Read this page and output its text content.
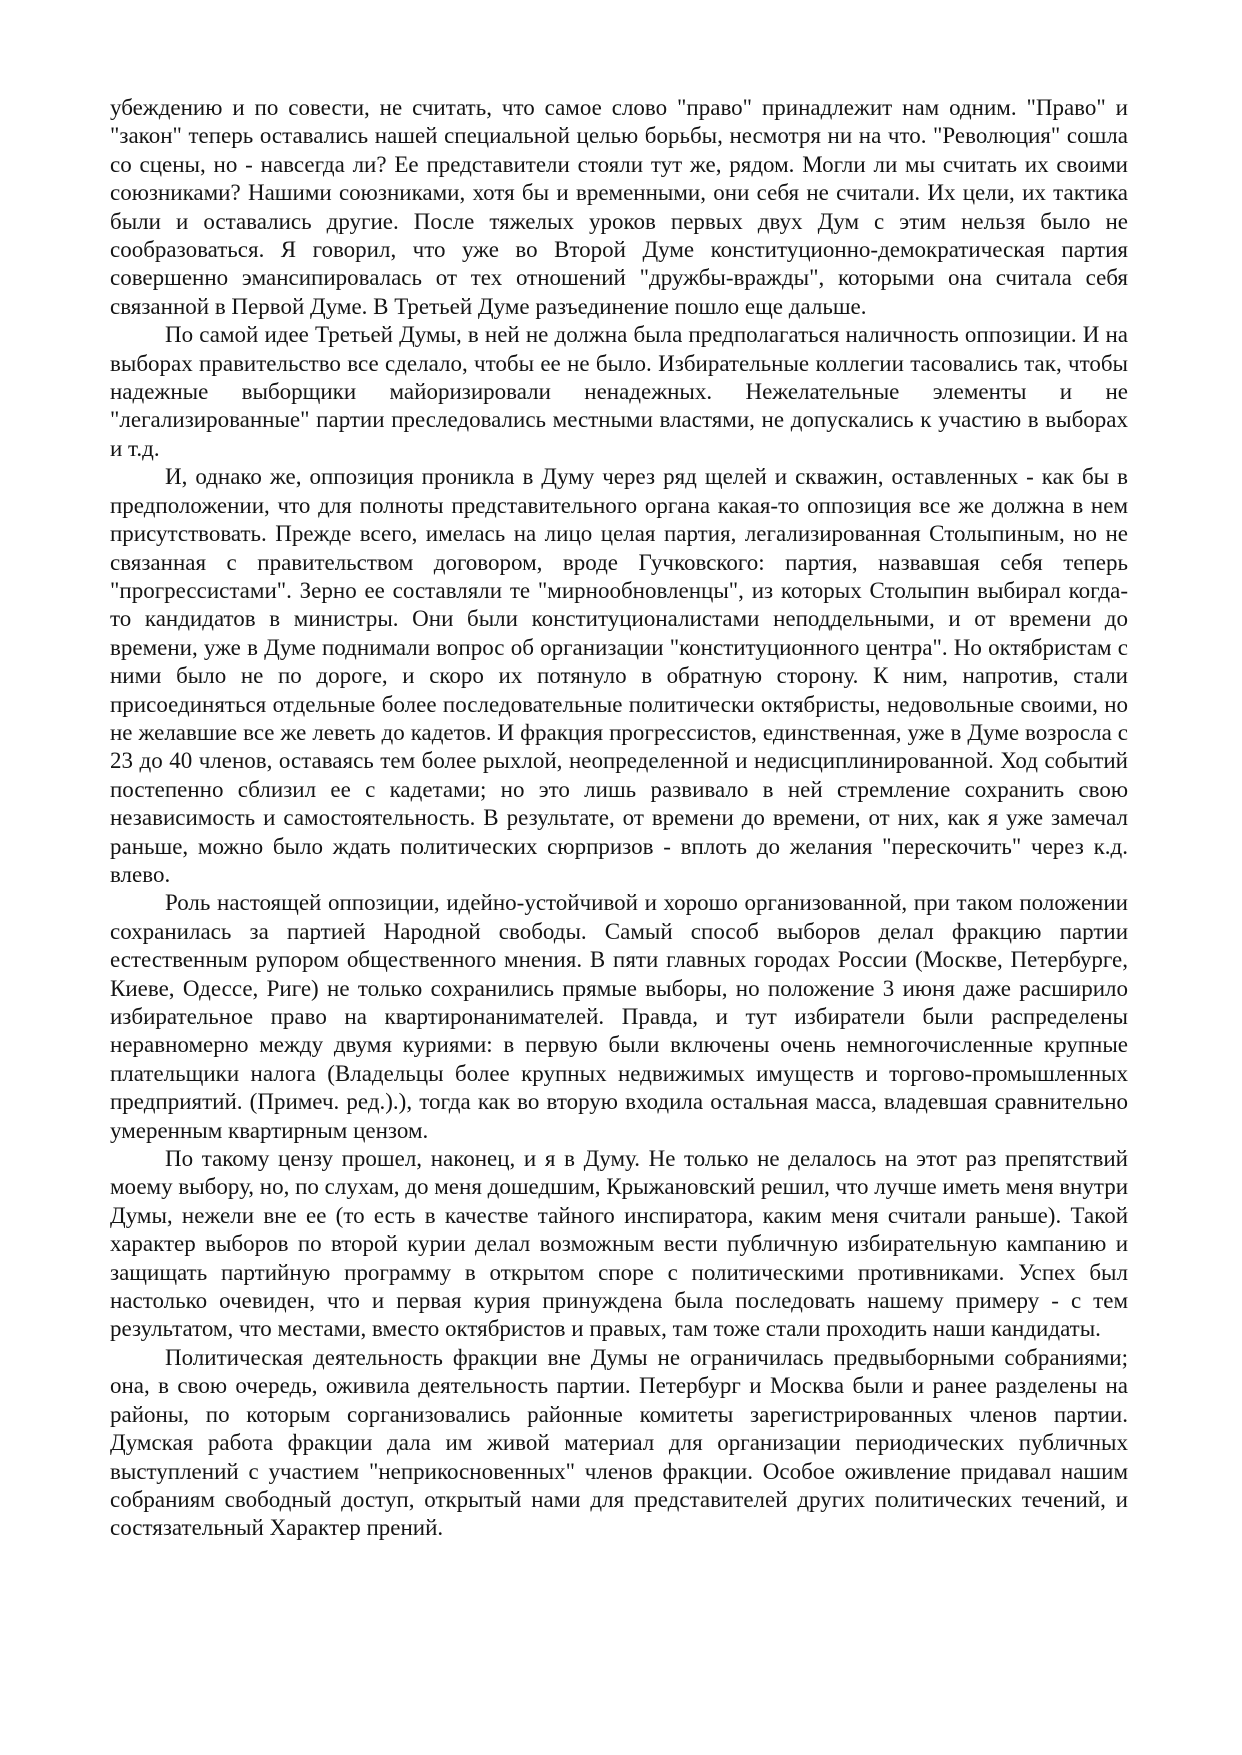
убеждению и по совести, не считать, что самое слово "право" принадлежит нам одним. "Право" и "закон" теперь оставались нашей специальной целью борьбы, несмотря ни на что. "Революция" сошла со сцены, но - навсегда ли? Ее представители стояли тут же, рядом. Могли ли мы считать их своими союзниками? Нашими союзниками, хотя бы и временными, они себя не считали. Их цели, их тактика были и оставались другие. После тяжелых уроков первых двух Дум с этим нельзя было не сообразоваться. Я говорил, что уже во Второй Думе конституционно-демократическая партия совершенно эмансипировалась от тех отношений "дружбы-вражды", которыми она считала себя связанной в Первой Думе. В Третьей Думе разъединение пошло еще дальше.

По самой идее Третьей Думы, в ней не должна была предполагаться наличность оппозиции. И на выборах правительство все сделало, чтобы ее не было. Избирательные коллегии тасовались так, чтобы надежные выборщики майоризировали ненадежных. Нежелательные элементы и не "легализированные" партии преследовались местными властями, не допускались к участию в выборах и т.д.

И, однако же, оппозиция проникла в Думу через ряд щелей и скважин, оставленных - как бы в предположении, что для полноты представительного органа какая-то оппозиция все же должна в нем присутствовать. Прежде всего, имелась на лицо целая партия, легализированная Столыпиным, но не связанная с правительством договором, вроде Гучковского: партия, назвавшая себя теперь "прогрессистами". Зерно ее составляли те "мирнообновленцы", из которых Столыпин выбирал когда-то кандидатов в министры. Они были конституционалистами неподдельными, и от времени до времени, уже в Думе поднимали вопрос об организации "конституционного центра". Но октябристам с ними было не по дороге, и скоро их потянуло в обратную сторону. К ним, напротив, стали присоединяться отдельные более последовательные политически октябристы, недовольные своими, но не желавшие все же леветь до кадетов. И фракция прогрессистов, единственная, уже в Думе возросла с 23 до 40 членов, оставаясь тем более рыхлой, неопределенной и недисциплинированной. Ход событий постепенно сблизил ее с кадетами; но это лишь развивало в ней стремление сохранить свою независимость и самостоятельность. В результате, от времени до времени, от них, как я уже замечал раньше, можно было ждать политических сюрпризов - вплоть до желания "перескочить" через к.д. влево.

Роль настоящей оппозиции, идейно-устойчивой и хорошо организованной, при таком положении сохранилась за партией Народной свободы. Самый способ выборов делал фракцию партии естественным рупором общественного мнения. В пяти главных городах России (Москве, Петербурге, Киеве, Одессе, Риге) не только сохранились прямые выборы, но положение 3 июня даже расширило избирательное право на квартиронанимателей. Правда, и тут избиратели были распределены неравномерно между двумя куриями: в первую были включены очень немногочисленные крупные плательщики налога (Владельцы более крупных недвижимых имуществ и торгово-промышленных предприятий. (Примеч. ред.).), тогда как во вторую входила остальная масса, владевшая сравнительно умеренным квартирным цензом.

По такому цензу прошел, наконец, и я в Думу. Не только не делалось на этот раз препятствий моему выбору, но, по слухам, до меня дошедшим, Крыжановский решил, что лучше иметь меня внутри Думы, нежели вне ее (то есть в качестве тайного инспиратора, каким меня считали раньше). Такой характер выборов по второй курии делал возможным вести публичную избирательную кампанию и защищать партийную программу в открытом споре с политическими противниками. Успех был настолько очевиден, что и первая курия принуждена была последовать нашему примеру - с тем результатом, что местами, вместо октябристов и правых, там тоже стали проходить наши кандидаты.

Политическая деятельность фракции вне Думы не ограничилась предвыборными собраниями; она, в свою очередь, оживила деятельность партии. Петербург и Москва были и ранее разделены на районы, по которым сорганизовались районные комитеты зарегистрированных членов партии. Думская работа фракции дала им живой материал для организации периодических публичных выступлений с участием "неприкосновенных" членов фракции. Особое оживление придавал нашим собраниям свободный доступ, открытый нами для представителей других политических течений, и состязательный Характер прений.
